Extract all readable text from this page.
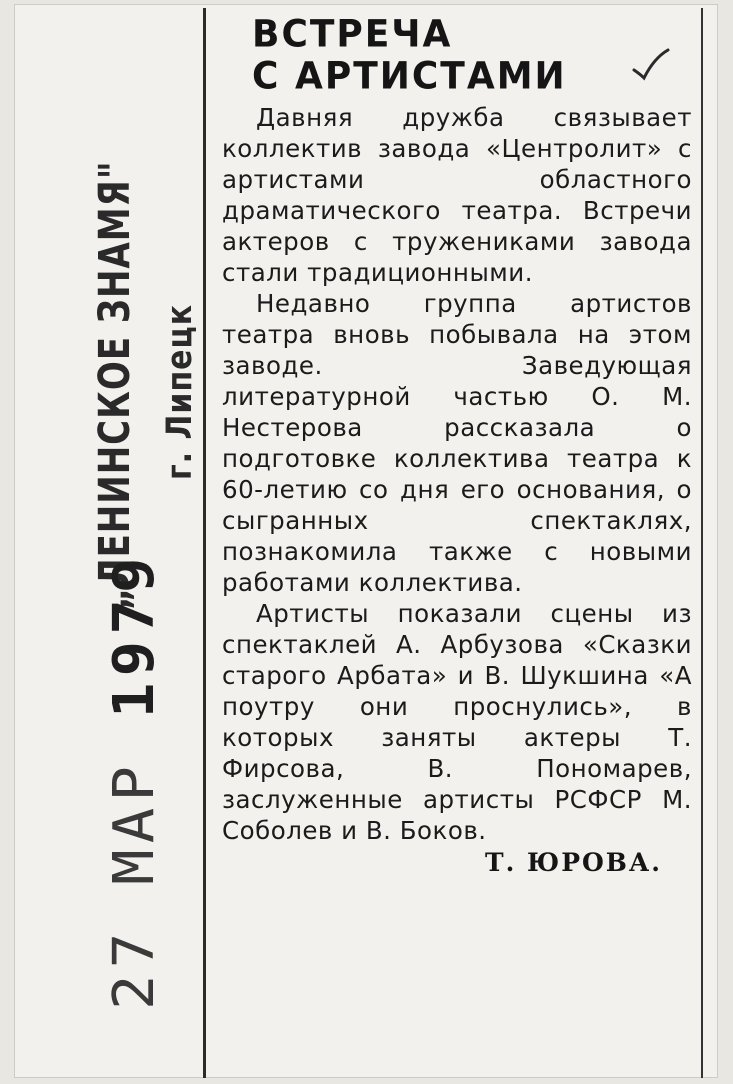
„ЛЕНИНСКОЕ ЗНАМЯ" г. Липецк
27 МАР 1979
ВСТРЕЧА
С АРТИСТАМИ

Давняя дружба связывает коллектив завода «Центролит» с артистами областного драматического театра. Встречи актеров с тружениками завода стали традиционными.

Недавно группа артистов театра вновь побывала на этом заводе. Заведующая литературной частью О. М. Нестерова рассказала о подготовке коллектива театра к 60-летию со дня его основания, о сыгранных спектаклях, познакомила также с новыми работами коллектива.

Артисты показали сцены из спектаклей А. Арбузова «Сказки старого Арбата» и В. Шукшина «А поутру они проснулись», в которых заняты актеры Т. Фирсова, В. Пономарев, заслуженные артисты РСФСР М. Соболев и В. Боков.

Т. ЮРОВА.
